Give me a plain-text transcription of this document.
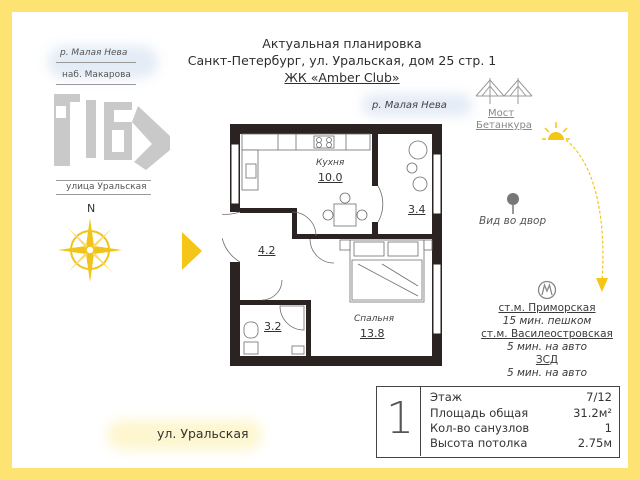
Актуальная планировка
Санкт-Петербург, ул. Уральская, дом 25 стр. 1
ЖК «Amber Club»
р. Малая Нева
наб. Макарова
улица Уральская
N
Кухня
10.0
3.4
4.2
3.2
Спальня
13.8
р. Малая Нева
Мост
Бетанкура
Вид во двор
ст.м. Приморская
15 мин. пешком
ст.м. Василеостровская
5 мин. на авто
ЗСД
5 мин. на авто
1 Этаж	7/12
Площадь общая	31.2м²
Кол-во санузлов	1
Высота потолка	2.75м
ул. Уральская
